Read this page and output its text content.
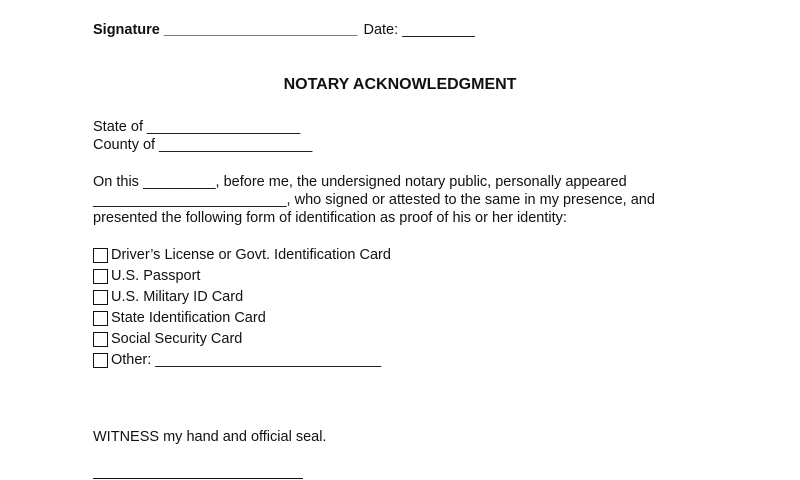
Signature ________________________ Date: _________
NOTARY ACKNOWLEDGMENT
State of ___________________
County of ___________________
On this _________, before me, the undersigned notary public, personally appeared
________________________, who signed or attested to the same in my presence, and
presented the following form of identification as proof of his or her identity:
Driver’s License or Govt. Identification Card
U.S. Passport
U.S. Military ID Card
State Identification Card
Social Security Card
Other: ____________________________
WITNESS my hand and official seal.
